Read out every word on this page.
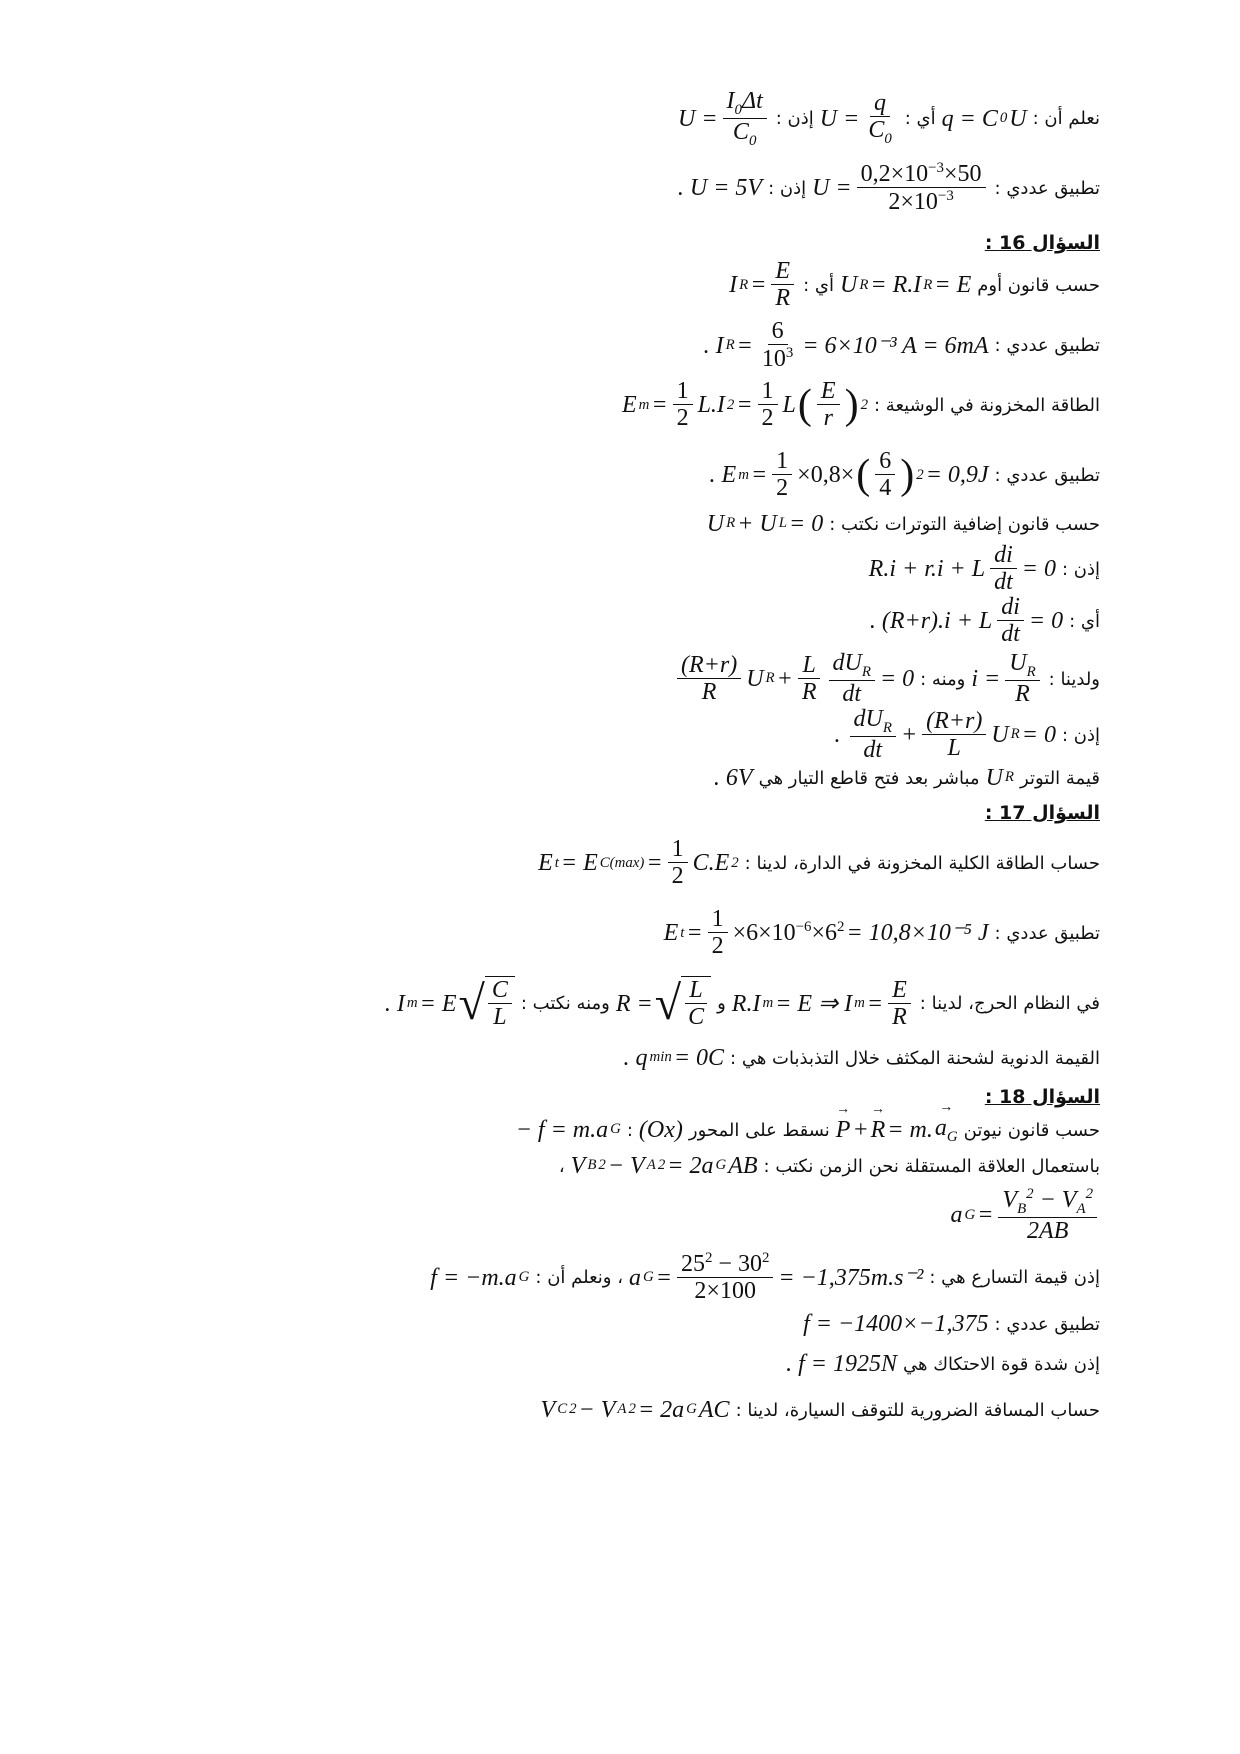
نعلم أن :
q = C 0 U
أي :
$U = \frac{q}{C_0}$
إذن :
$U = \frac{I_0\Delta t}{C_0}$
تطبيق عددي :
$U = \frac{0,2\times 10^{-3}\times 50}{2\times 10^{-3}}$
إذن :
U = 5V
.
السؤال 16 :
حسب قانون أوم
U R = R.I R = E
أي :
I $R = \frac{E}{R}$
تطبيق عددي :
I $R = \frac{6}{10^3} = 6\times 10^{-3}$ A = 6mA
.
الطاقة المخزونة في الوشيعة :
E $m = \frac{1}{2} L.I$ $2 = \frac{1}{2}$ L ( $\frac{E}{r}$ ) 2
تطبيق عددي :
E $m = \frac{1}{2} \times 0,8\times$ ( $\frac{6}{4}$ ) 2 = 0,9J
.
حسب قانون إضافية التوترات نكتب :
U R + U L = 0
إذن :
R.i + r.i + L $\frac{di}{dt} = 0$
أي :
(R+r).i + L $\frac{di}{dt} = 0$
.
ولدينا :
$i = \frac{U_R}{R}$
ومنه :
$\frac{(R+r)}{R}$ U $R + \frac{L}{R} \frac{dU_R}{dt} = 0$
إذن :
$\frac{dU_R}{dt} + \frac{(R+r)}{L}$ U R = 0
.
قيمة التوتر
U R
مباشر بعد فتح قاطع التيار هي
6V
.
السؤال 17 :
حساب الطاقة الكلية المخزونة في الدارة، لدينا :
E t = E $C(\max) = \frac{1}{2} C.E$ 2
تطبيق عددي :
E $t = \frac{1}{2} \times 6\times 10^{-6}\times 6^2 = 10,8\times 10^{-5}$ J
في النظام الحرج، لدينا :
R.I m = E ⇒ I $m = \frac{E}{R}$
و
R = √ $\frac{L}{C}$
ومنه نكتب :
I m = E √ $\frac{C}{L}$
.
القيمة الدنوية لشحنة المكثف خلال التذبذبات هي :
q min = 0C
.
السؤال 18 :
حسب قانون نيوتن
→ P + → R = m. → $a_G$
نسقط على المحور
(Ox)
:
− f = m.a G
باستعمال العلاقة المستقلة نحن الزمن نكتب :
V B 2 − V A 2 = 2a G AB
،
a $G = \frac{V_B^2 - V_A^2}{2AB}$
إذن قيمة التسارع هي :
a $G = \frac{25^2 - 30^2}{2\times 100} = -1,375m.s^{-2}$
، ونعلم أن :
f = −m.a G
تطبيق عددي :
f = −1400×−1,375
إذن شدة قوة الاحتكاك هي
f = 1925N
.
حساب المسافة الضرورية للتوقف السيارة، لدينا :
V C 2 − V A 2 = 2a G AC
